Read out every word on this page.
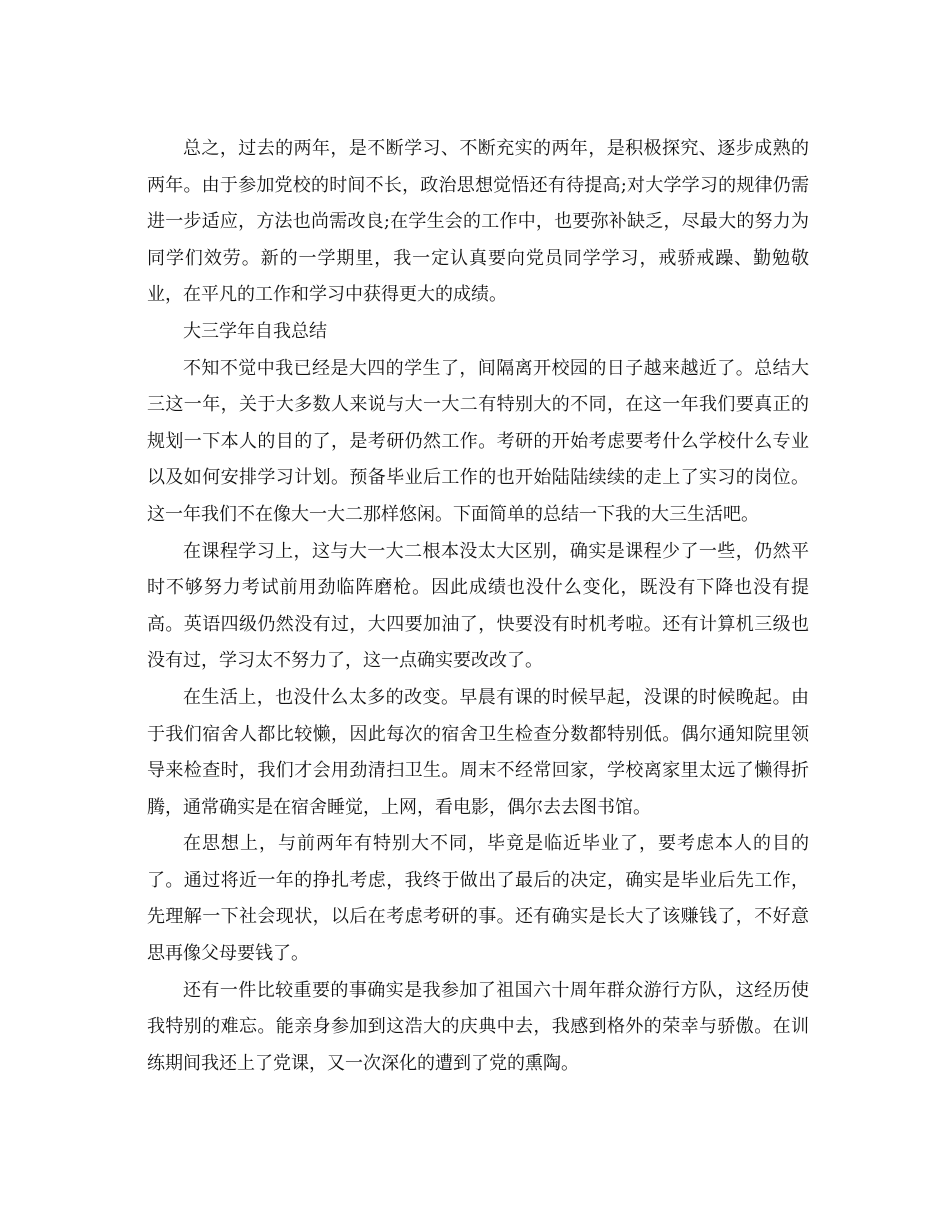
总之，过去的两年，是不断学习、不断充实的两年，是积极探究、逐步成熟的两年。由于参加党校的时间不长，政治思想觉悟还有待提高;对大学学习的规律仍需进一步适应，方法也尚需改良;在学生会的工作中，也要弥补缺乏，尽最大的努力为同学们效劳。新的一学期里，我一定认真要向党员同学学习，戒骄戒躁、勤勉敬业，在平凡的工作和学习中获得更大的成绩。

大三学年自我总结

不知不觉中我已经是大四的学生了，间隔离开校园的日子越来越近了。总结大三这一年，关于大多数人来说与大一大二有特别大的不同，在这一年我们要真正的规划一下本人的目的了，是考研仍然工作。考研的开始考虑要考什么学校什么专业以及如何安排学习计划。预备毕业后工作的也开始陆陆续续的走上了实习的岗位。这一年我们不在像大一大二那样悠闲。下面简单的总结一下我的大三生活吧。

在课程学习上，这与大一大二根本没太大区别，确实是课程少了一些，仍然平时不够努力考试前用劲临阵磨枪。因此成绩也没什么变化，既没有下降也没有提高。英语四级仍然没有过，大四要加油了，快要没有时机考啦。还有计算机三级也没有过，学习太不努力了，这一点确实要改改了。

在生活上，也没什么太多的改变。早晨有课的时候早起，没课的时候晚起。由于我们宿舍人都比较懒，因此每次的宿舍卫生检查分数都特别低。偶尔通知院里领导来检查时，我们才会用劲清扫卫生。周末不经常回家，学校离家里太远了懒得折腾，通常确实是在宿舍睡觉，上网，看电影，偶尔去去图书馆。

在思想上，与前两年有特别大不同，毕竟是临近毕业了，要考虑本人的目的了。通过将近一年的挣扎考虑，我终于做出了最后的决定，确实是毕业后先工作，先理解一下社会现状，以后在考虑考研的事。还有确实是长大了该赚钱了，不好意思再像父母要钱了。

还有一件比较重要的事确实是我参加了祖国六十周年群众游行方队，这经历使我特别的难忘。能亲身参加到这浩大的庆典中去，我感到格外的荣幸与骄傲。在训练期间我还上了党课，又一次深化的遭到了党的熏陶。
